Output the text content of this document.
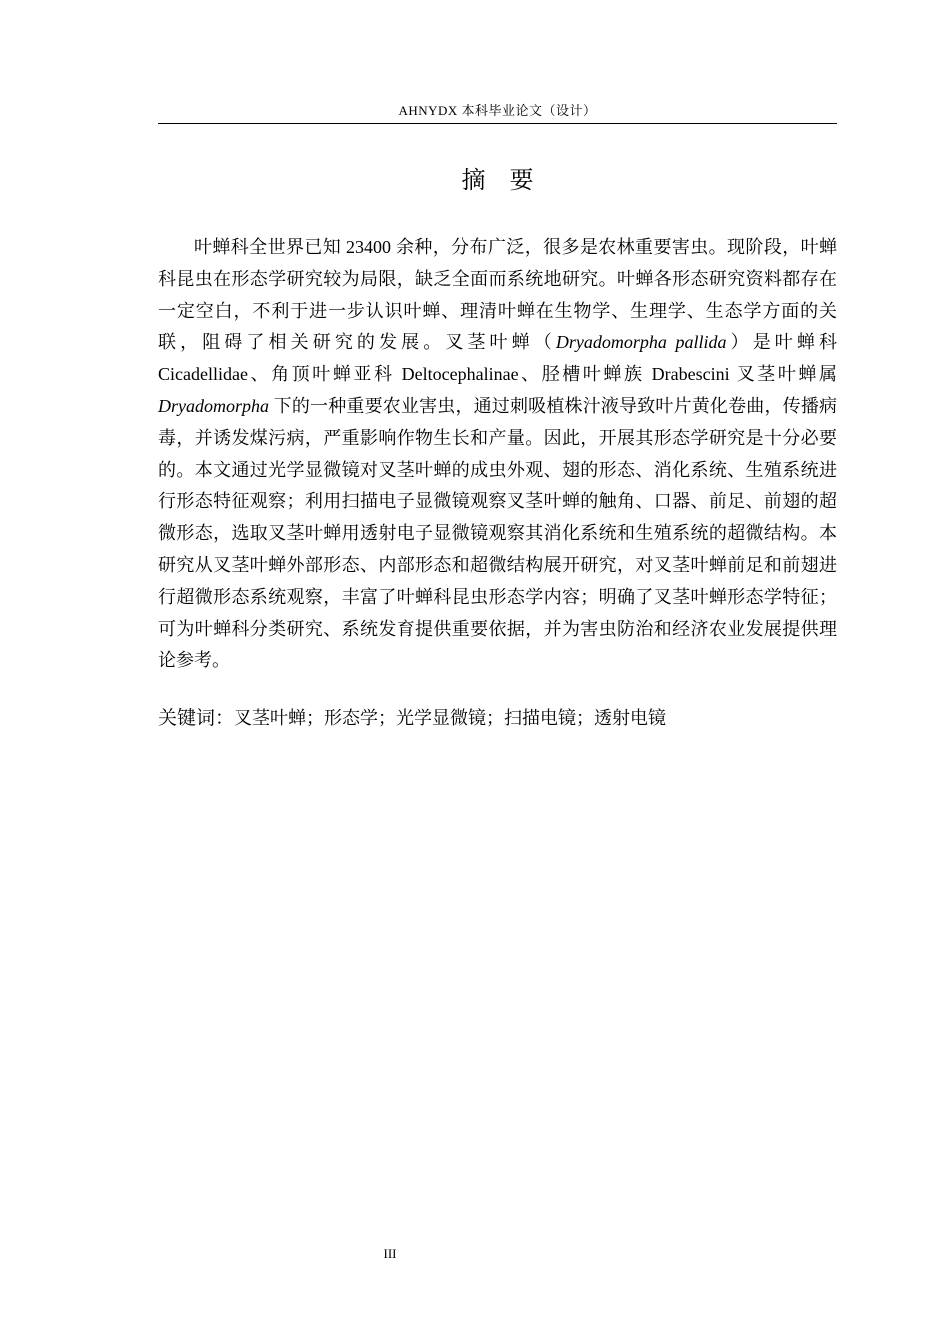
AHNYDX 本科毕业论文（设计）
摘　要

叶蝉科全世界已知 23400 余种，分布广泛，很多是农林重要害虫。现阶段，叶蝉科昆虫在形态学研究较为局限，缺乏全面而系统地研究。叶蝉各形态研究资料都存在一定空白，不利于进一步认识叶蝉、理清叶蝉在生物学、生理学、生态学方面的关联，阻碍了相关研究的发展。叉茎叶蝉（Dryadomorpha pallida）是叶蝉科 Cicadellidae、角顶叶蝉亚科 Deltocephalinae、胫槽叶蝉族 Drabescini 叉茎叶蝉属 Dryadomorpha 下的一种重要农业害虫，通过刺吸植株汁液导致叶片黄化卷曲，传播病毒，并诱发煤污病，严重影响作物生长和产量。因此，开展其形态学研究是十分必要的。本文通过光学显微镜对叉茎叶蝉的成虫外观、翅的形态、消化系统、生殖系统进行形态特征观察；利用扫描电子显微镜观察叉茎叶蝉的触角、口器、前足、前翅的超微形态，选取叉茎叶蝉用透射电子显微镜观察其消化系统和生殖系统的超微结构。本研究从叉茎叶蝉外部形态、内部形态和超微结构展开研究，对叉茎叶蝉前足和前翅进行超微形态系统观察，丰富了叶蝉科昆虫形态学内容；明确了叉茎叶蝉形态学特征；可为叶蝉科分类研究、系统发育提供重要依据，并为害虫防治和经济农业发展提供理论参考。

关键词：叉茎叶蝉；形态学；光学显微镜；扫描电镜；透射电镜
III
